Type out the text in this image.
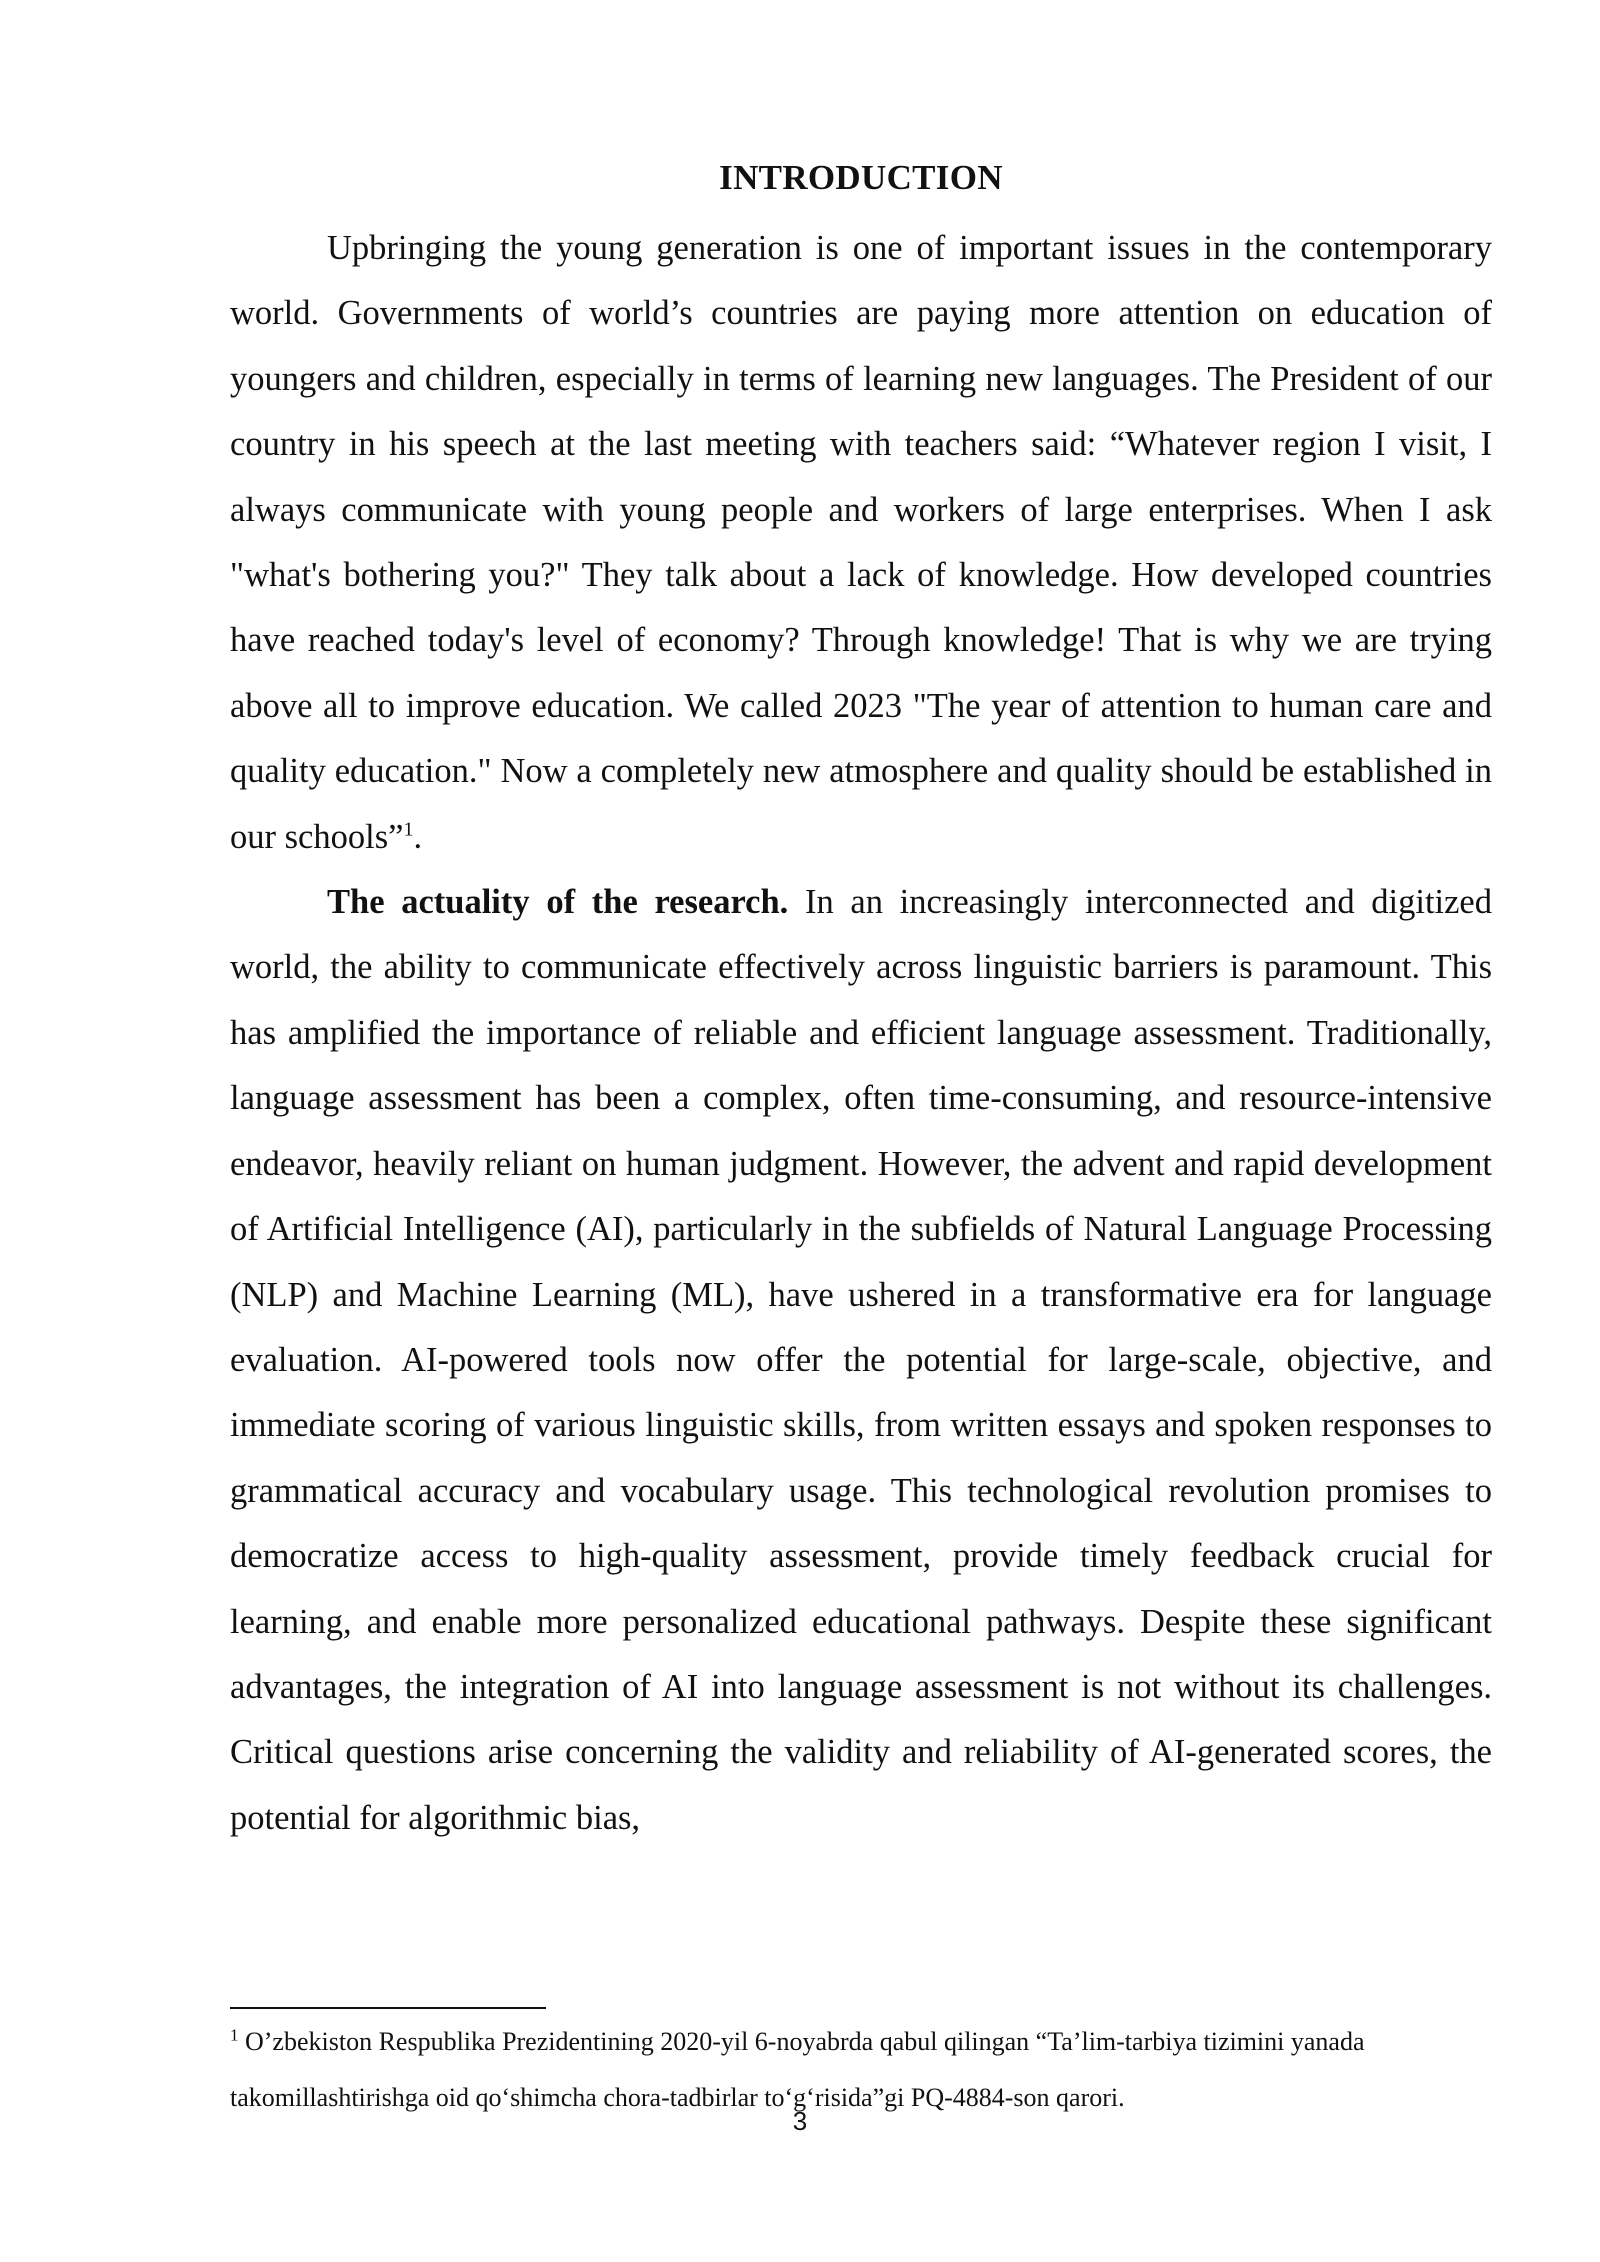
INTRODUCTION

Upbringing the young generation is one of important issues in the contemporary world. Governments of world’s countries are paying more attention on education of youngers and children, especially in terms of learning new languages. The President of our country in his speech at the last meeting with teachers said: “Whatever region I visit, I always communicate with young people and workers of large enterprises. When I ask "what's bothering you?" They talk about a lack of knowledge. How developed countries have reached today's level of economy? Through knowledge! That is why we are trying above all to improve education. We called 2023 "The year of attention to human care and quality education." Now a completely new atmosphere and quality should be established in our schools”$^1$.

The actuality of the research. In an increasingly interconnected and digitized world, the ability to communicate effectively across linguistic barriers is paramount. This has amplified the importance of reliable and efficient language assessment. Traditionally, language assessment has been a complex, often time-consuming, and resource-intensive endeavor, heavily reliant on human judgment. However, the advent and rapid development of Artificial Intelligence (AI), particularly in the subfields of Natural Language Processing (NLP) and Machine Learning (ML), have ushered in a transformative era for language evaluation. AI-powered tools now offer the potential for large-scale, objective, and immediate scoring of various linguistic skills, from written essays and spoken responses to grammatical accuracy and vocabulary usage. This technological revolution promises to democratize access to high-quality assessment, provide timely feedback crucial for learning, and enable more personalized educational pathways. Despite these significant advantages, the integration of AI into language assessment is not without its challenges. Critical questions arise concerning the validity and reliability of AI-generated scores, the potential for algorithmic bias,

$^1$ O’zbekiston Respublika Prezidentining 2020-yil 6-noyabrda qabul qilingan “Ta’lim-tarbiya tizimini yanada takomillashtirishga oid qo‘shimcha chora-tadbirlar to‘g‘risida”gi PQ-4884-son qarori.
3
